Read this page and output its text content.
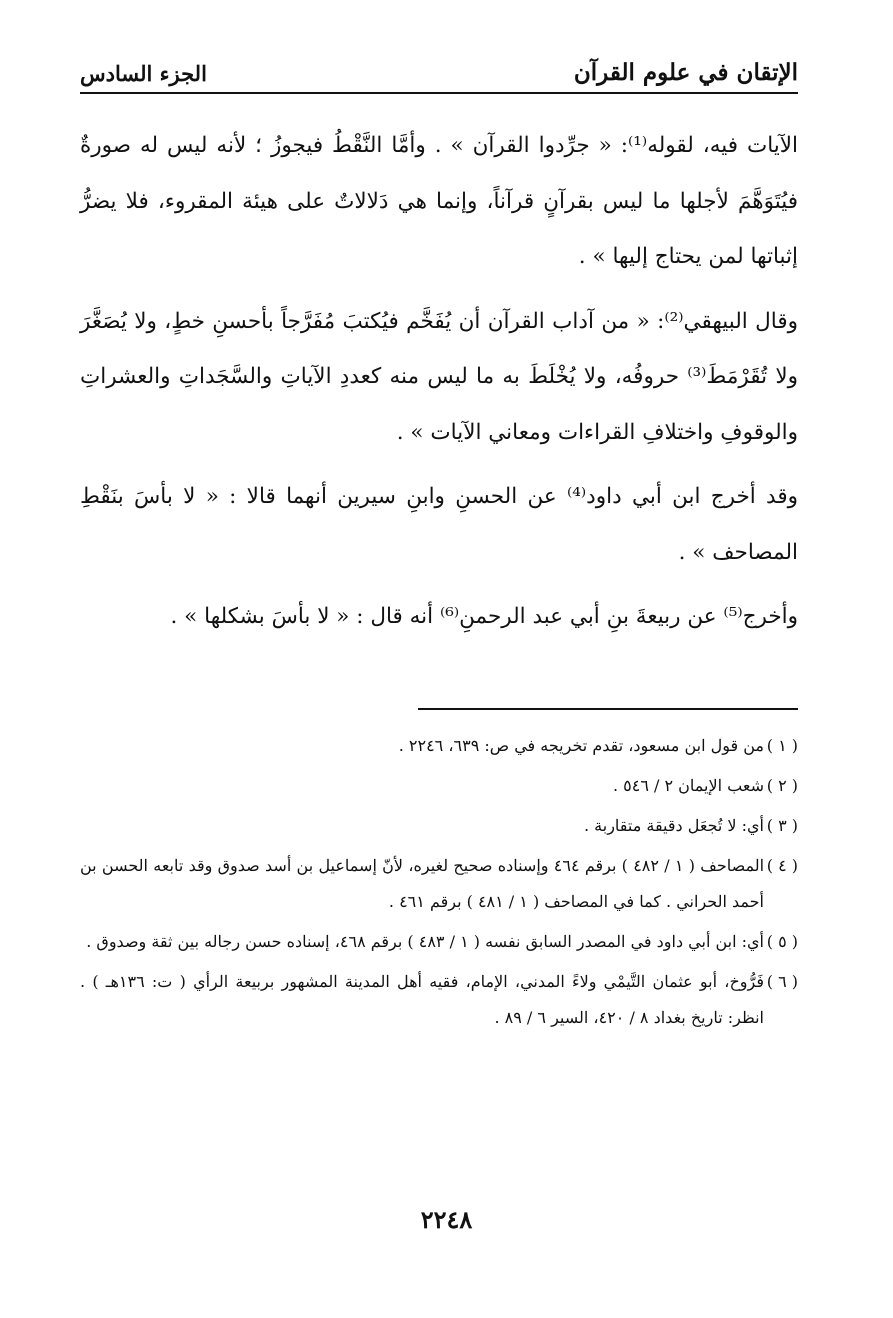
الإتقان في علوم القرآن
الجزء السادس

الآيات فيه، لقوله⁽¹⁾: « جرِّدوا القرآن » . وأمَّا النَّقْطُ فيجوزُ ؛ لأنه ليس له صورةٌ فيُتَوَهَّمَ لأجلها ما ليس بقرآنٍ قرآناً، وإنما هي دَلالاتٌ على هيئة المقروء، فلا يضرُّ إثباتها لمن يحتاج إليها » .

وقال البيهقي⁽²⁾: « من آداب القرآن أن يُفَخَّم فيُكتبَ مُفَرَّجاً بأحسنِ خطٍ، ولا يُصَغَّرَ ولا تُقَرْمَطَ⁽³⁾ حروفُه، ولا يُخْلَطَ به ما ليس منه كعددِ الآياتِ والسَّجَداتِ والعشراتِ والوقوفِ واختلافِ القراءات ومعاني الآيات » .

وقد أخرج ابن أبي داود⁽⁴⁾ عن الحسنِ وابنِ سيرين أنهما قالا : « لا بأسَ بنَقْطِ المصاحف » .

وأخرج⁽⁵⁾ عن ربيعةَ بنِ أبي عبد الرحمنِ⁽⁶⁾ أنه قال : « لا بأسَ بشكلها » .

( ١ )
من قول ابن مسعود، تقدم تخريجه في ص: ٦٣٩، ٢٢٤٦ .

( ٢ )
شعب الإيمان ٢ / ٥٤٦ .

( ٣ )
أي: لا تُجعَل دقيقة متقاربة .

( ٤ )
المصاحف ( ١ / ٤٨٢ ) برقم ٤٦٤ وإسناده صحيح لغيره، لأنّ إسماعيل بن أسد صدوق وقد تابعه الحسن بن أحمد الحراني . كما في المصاحف ( ١ / ٤٨١ ) برقم ٤٦١ .

( ٥ )
أي: ابن أبي داود في المصدر السابق نفسه ( ١ / ٤٨٣ ) برقم ٤٦٨، إسناده حسن رجاله بين ثقة وصدوق .

( ٦ )
فَرُّوخ، أبو عثمان التَّيمْي ولاءً المدني، الإمام، فقيه أهل المدينة المشهور بربيعة الرأي ( ت: ١٣٦هـ ) . انظر: تاريخ بغداد ٨ / ٤٢٠، السير ٦ / ٨٩ .

٢٢٤٨
